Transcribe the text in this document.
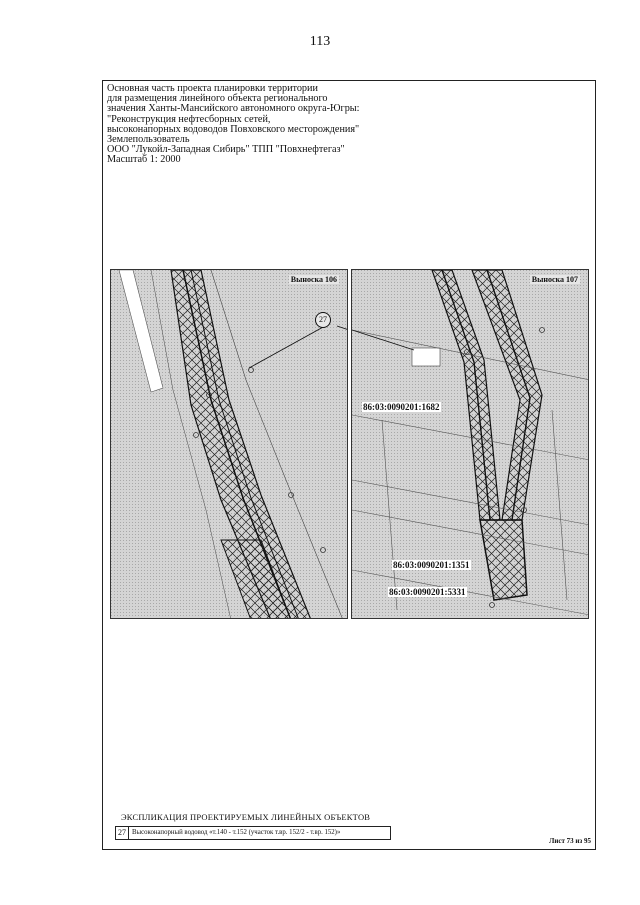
113
Основная часть проекта планировки территории
для размещения линейного объекта регионального
значения Ханты-Мансийского автономного округа-Югры:
"Реконструкция нефтесборных сетей,
высоконапорных водоводов Повховского месторождения"
Землепользователь
ООО "Лукойл-Западная Сибирь" ТПП "Повхнефтегаз"
Масштаб 1: 2000
Выноска 106
27
Выноска 107
86:03:0090201:1682
86:03:0090201:1351
86:03:0090201:5331
ЭКСПЛИКАЦИЯ ПРОЕКТИРУЕМЫХ ЛИНЕЙНЫХ ОБЪЕКТОВ
27 Высоконапорный водовод «т.140 - т.152 (участок т.вр. 152/2 - т.вр. 152)»
Лист 73 из 95
